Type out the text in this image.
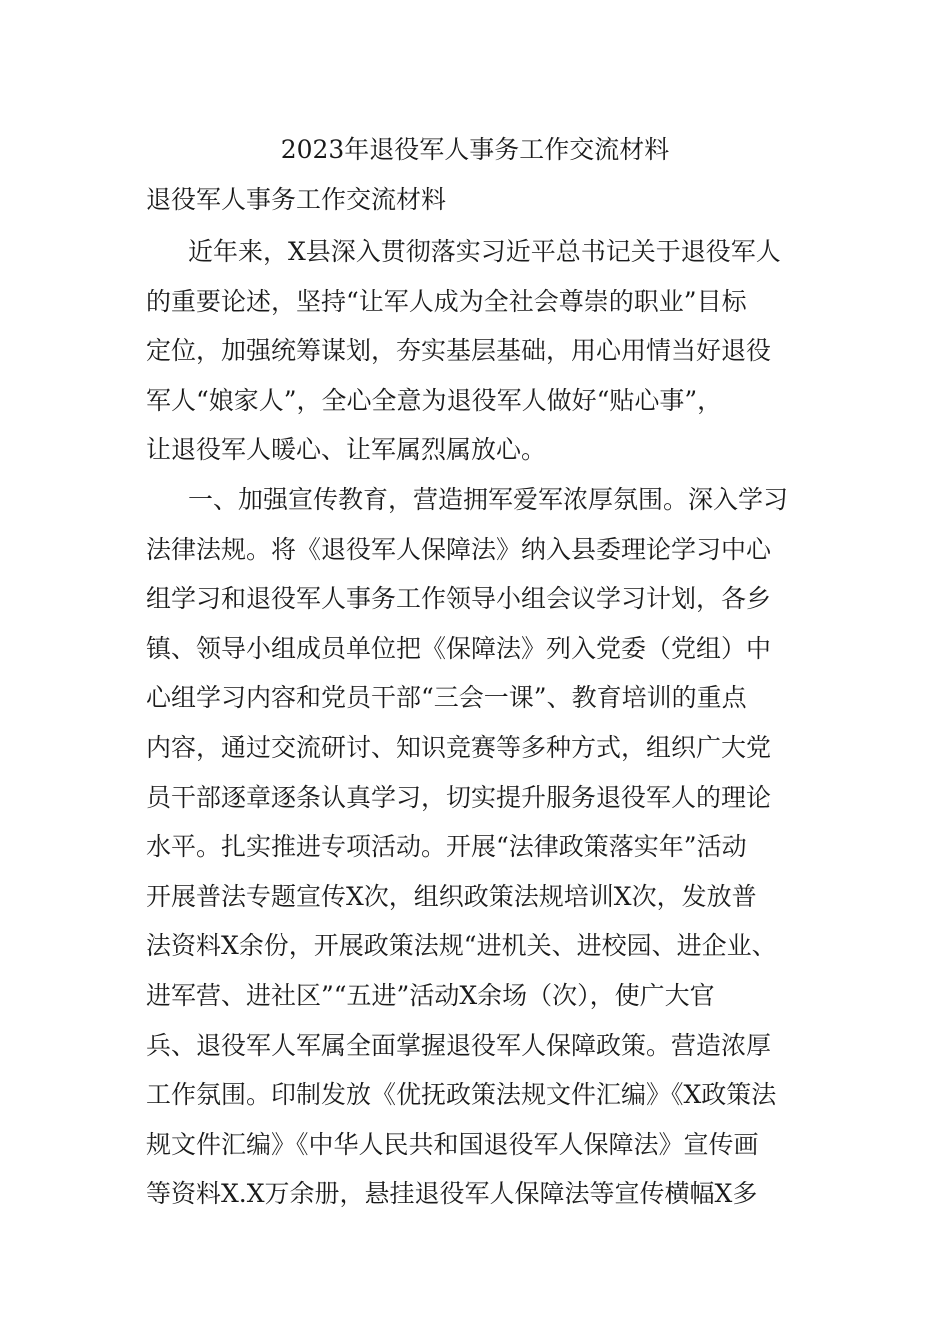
2023年退役军人事务工作交流材料
退役军人事务工作交流材料
近年来，X县深入贯彻落实习近平总书记关于退役军人
的重要论述，坚持“让军人成为全社会尊崇的职业”目标
定位，加强统筹谋划，夯实基层基础，用心用情当好退役
军人“娘家人”，全心全意为退役军人做好“贴心事”，
让退役军人暖心、让军属烈属放心。
一、加强宣传教育，营造拥军爱军浓厚氛围。深入学习
法律法规。将《退役军人保障法》纳入县委理论学习中心
组学习和退役军人事务工作领导小组会议学习计划，各乡
镇、领导小组成员单位把《保障法》列入党委（党组）中
心组学习内容和党员干部“三会一课”、教育培训的重点
内容，通过交流研讨、知识竞赛等多种方式，组织广大党
员干部逐章逐条认真学习，切实提升服务退役军人的理论
水平。扎实推进专项活动。开展“法律政策落实年”活动
开展普法专题宣传X次，组织政策法规培训X次，发放普
法资料X余份，开展政策法规“进机关、进校园、进企业、
进军营、进社区”“五进”活动X余场（次），使广大官
兵、退役军人军属全面掌握退役军人保障政策。营造浓厚
工作氛围。印制发放《优抚政策法规文件汇编》《X政策法
规文件汇编》《中华人民共和国退役军人保障法》宣传画
等资料X.X万余册，悬挂退役军人保障法等宣传横幅X多
